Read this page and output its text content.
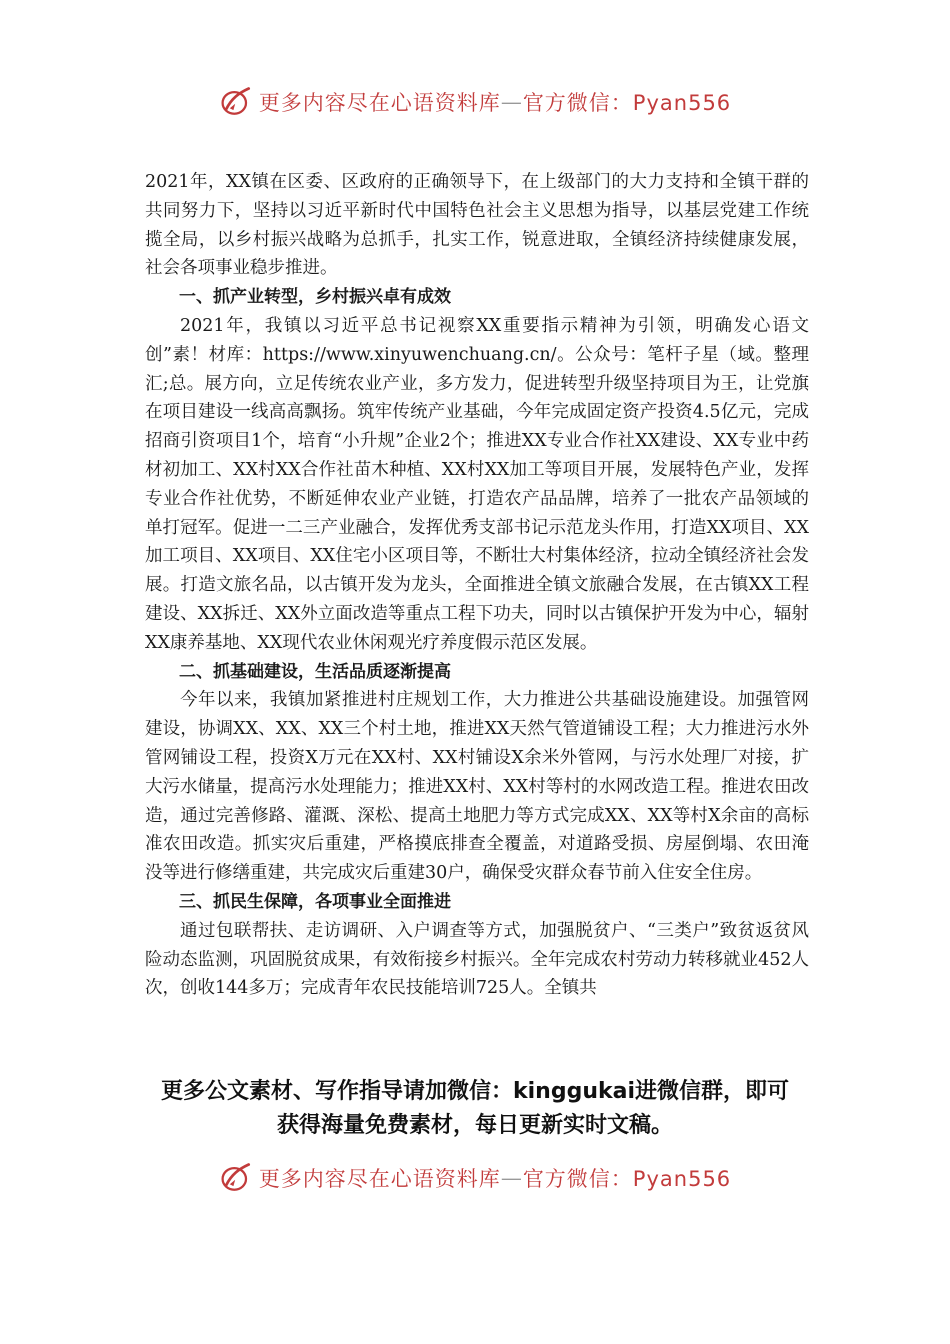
更多内容尽在心语资料库 — 官方微信：Pyan556

2021年，XX镇在区委、区政府的正确领导下，在上级部门的大力支持和全镇干群的共同努力下，坚持以习近平新时代中国特色社会主义思想为指导，以基层党建工作统揽全局，以乡村振兴战略为总抓手，扎实工作，锐意进取，全镇经济持续健康发展，社会各项事业稳步推进。

一、抓产业转型，乡村振兴卓有成效

2021年，我镇以习近平总书记视察XX重要指示精神为引领，明确发心语文创”素！材库：https://www.xinyuwenchuang.cn/。公众号：笔杆子星（域。整理汇;总。展方向，立足传统农业产业，多方发力，促进转型升级坚持项目为王，让党旗在项目建设一线高高飘扬。筑牢传统产业基础，今年完成固定资产投资4.5亿元，完成招商引资项目1个，培育“小升规”企业2个；推进XX专业合作社XX建设、XX专业中药材初加工、XX村XX合作社苗木种植、XX村XX加工等项目开展，发展特色产业，发挥专业合作社优势，不断延伸农业产业链，打造农产品品牌，培养了一批农产品领域的单打冠军。促进一二三产业融合，发挥优秀支部书记示范龙头作用，打造XX项目、XX加工项目、XX项目、XX住宅小区项目等，不断壮大村集体经济，拉动全镇经济社会发展。打造文旅名品，以古镇开发为龙头，全面推进全镇文旅融合发展，在古镇XX工程建设、XX拆迁、XX外立面改造等重点工程下功夫，同时以古镇保护开发为中心，辐射XX康养基地、XX现代农业休闲观光疗养度假示范区发展。

二、抓基础建设，生活品质逐渐提高

今年以来，我镇加紧推进村庄规划工作，大力推进公共基础设施建设。加强管网建设，协调XX、XX、XX三个村土地，推进XX天然气管道铺设工程；大力推进污水外管网铺设工程，投资X万元在XX村、XX村铺设X余米外管网，与污水处理厂对接，扩大污水储量，提高污水处理能力；推进XX村、XX村等村的水网改造工程。推进农田改造，通过完善修路、灌溉、深松、提高土地肥力等方式完成XX、XX等村X余亩的高标准农田改造。抓实灾后重建，严格摸底排查全覆盖，对道路受损、房屋倒塌、农田淹没等进行修缮重建，共完成灾后重建30户，确保受灾群众春节前入住安全住房。

三、抓民生保障，各项事业全面推进

通过包联帮扶、走访调研、入户调查等方式，加强脱贫户、“三类户”致贫返贫风险动态监测，巩固脱贫成果，有效衔接乡村振兴。全年完成农村劳动力转移就业452人次，创收144多万；完成青年农民技能培训725人。全镇共

更多公文素材、写作指导请加微信：kinggukai进微信群，即可
获得海量免费素材，每日更新实时文稿。
更多内容尽在心语资料库 — 官方微信：Pyan556
